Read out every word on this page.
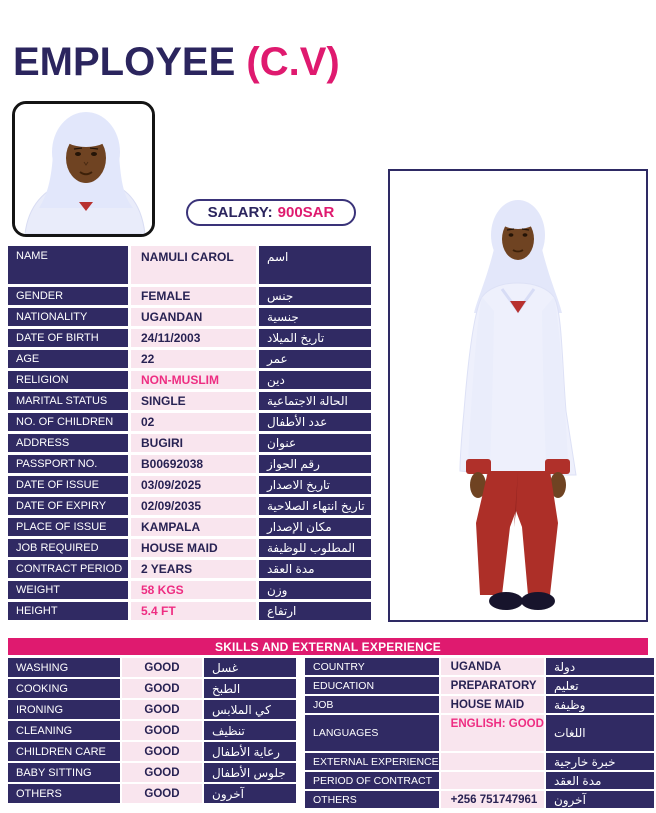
EMPLOYEE (C.V)
SALARY: 900SAR
NAME	NAMULI CAROL	اسم
GENDER	FEMALE	جنس
NATIONALITY	UGANDAN	جنسية
DATE OF BIRTH	24/11/2003	تاريخ الميلاد
AGE	22	عمر
RELIGION	NON-MUSLIM	دين
MARITAL STATUS	SINGLE	الحالة الاجتماعية
NO. OF CHILDREN	02	عدد الأطفال
ADDRESS	BUGIRI	عنوان
PASSPORT NO.	B00692038	رقم الجواز
DATE OF ISSUE	03/09/2025	تاريخ الاصدار
DATE OF EXPIRY	02/09/2035	تاريخ انتهاء الصلاحية
PLACE OF ISSUE	KAMPALA	مكان الإصدار
JOB REQUIRED	HOUSE MAID	المطلوب للوظيفة
CONTRACT PERIOD	2 YEARS	مدة العقد
WEIGHT	58 KGS	وزن
HEIGHT	5.4 FT	ارتفاع
SKILLS AND EXTERNAL EXPERIENCE
WASHING	GOOD	غسل
COOKING	GOOD	الطبخ
IRONING	GOOD	كي الملابس
CLEANING	GOOD	تنظيف
CHILDREN CARE	GOOD	رعاية الأطفال
BABY SITTING	GOOD	جلوس الأطفال
OTHERS	GOOD	آخرون
COUNTRY	UGANDA	دولة
EDUCATION	PREPARATORY	تعليم
JOB	HOUSE MAID	وظيفة
LANGUAGES	ENGLISH: GOOD	اللغات
EXTERNAL EXPERIENCE		خبرة خارجية
PERIOD OF CONTRACT		مدة العقد
OTHERS	+256 751747961	آخرون
